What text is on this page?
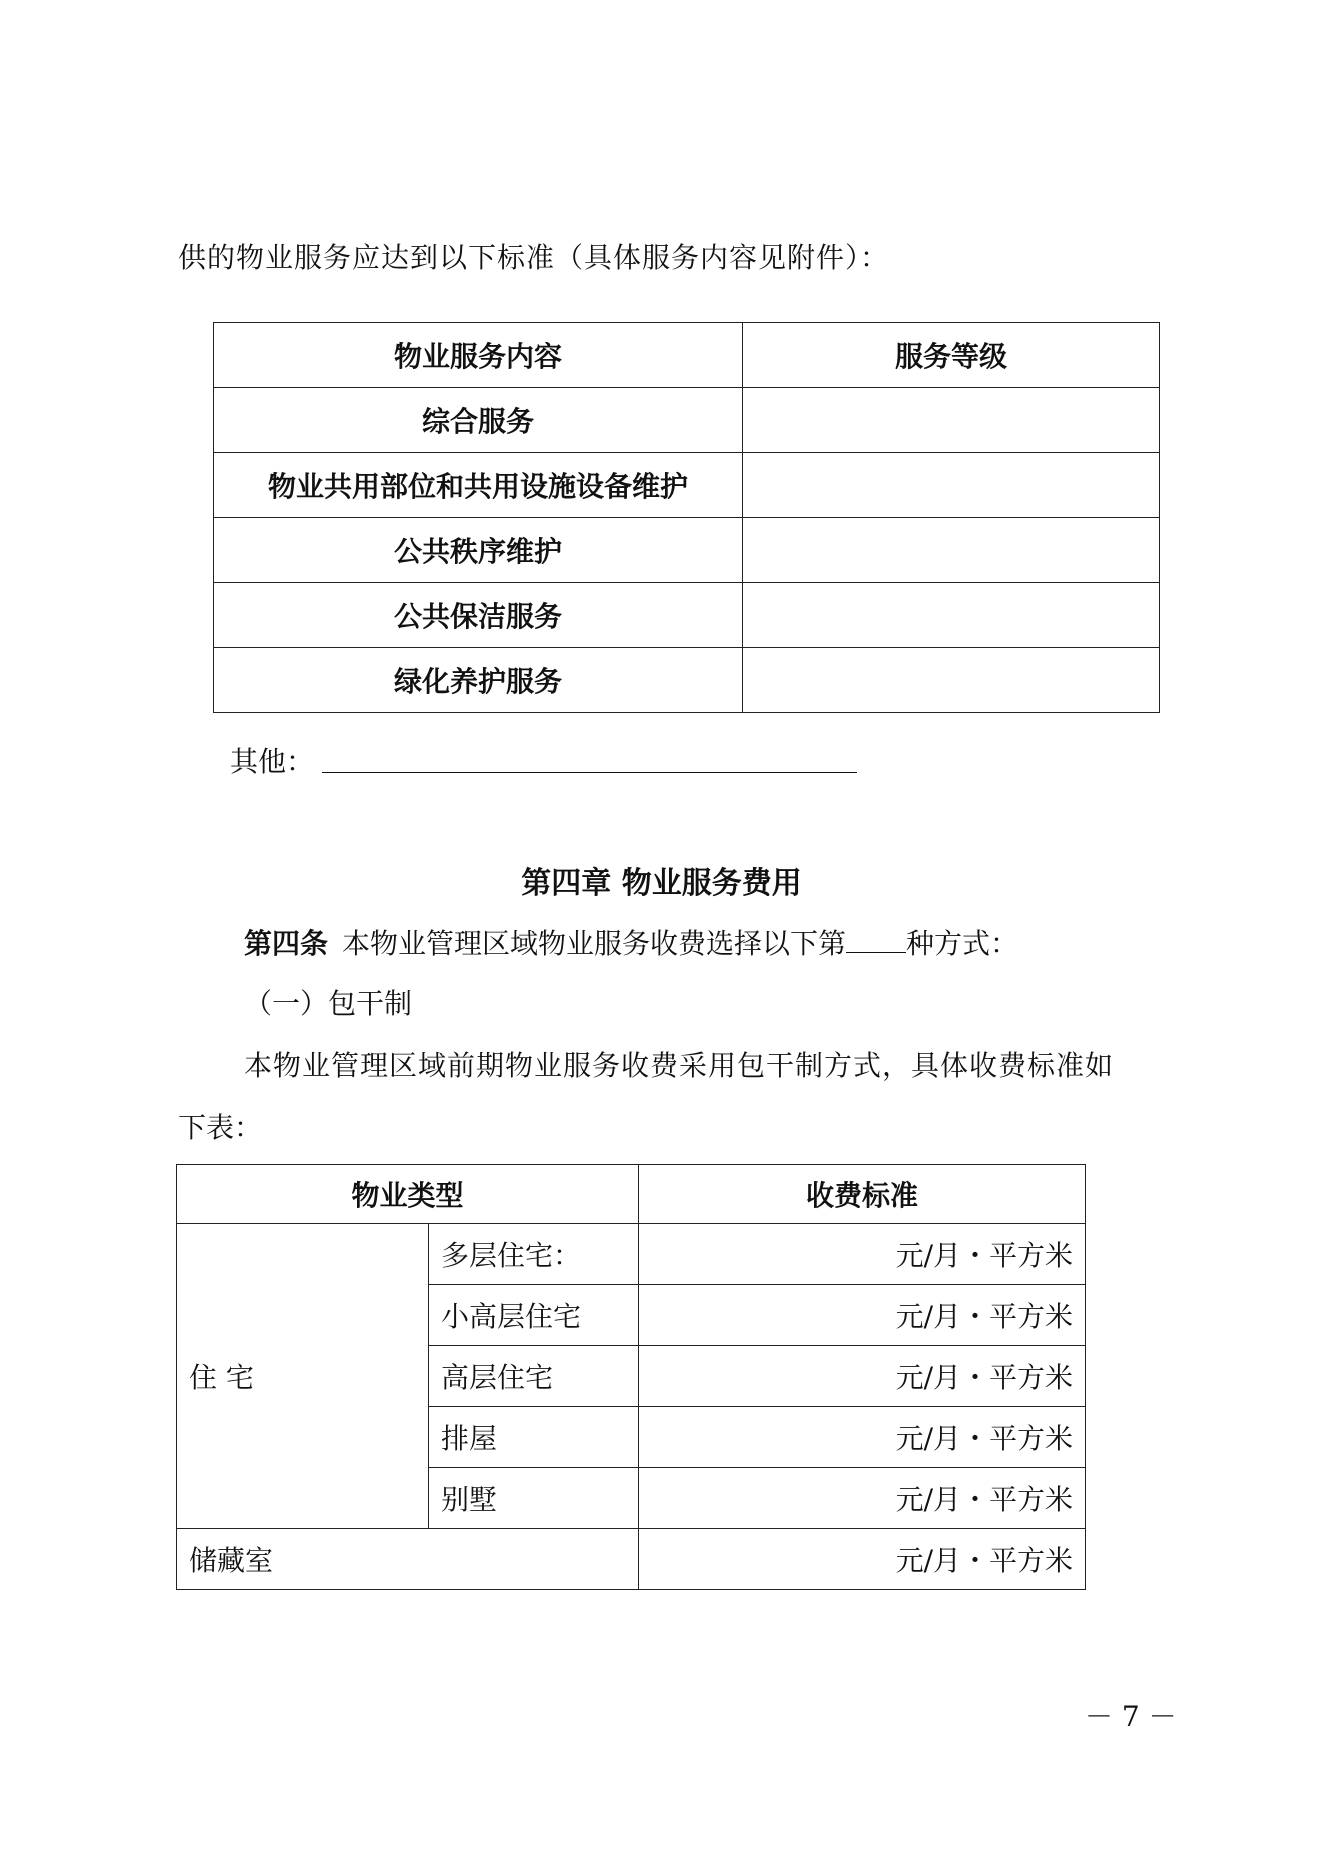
供的物业服务应达到以下标准（具体服务内容见附件）：
物业服务内容	服务等级
综合服务	
物业共用部位和共用设施设备维护	
公共秩序维护	
公共保洁服务	
绿化养护服务	
其他：
第四章 物业服务费用
第四条 本物业管理区域物业服务收费选择以下第 种方式：
（一）包干制
本物业管理区域前期物业服务收费采用包干制方式，具体收费标准如
下表：
物业类型		收费标准
住 宅	多层住宅：	元/月・平方米
	小高层住宅	元/月・平方米
	高层住宅	元/月・平方米
	排屋	元/月・平方米
	别墅	元/月・平方米
储藏室		元/月・平方米
－ 7 －
